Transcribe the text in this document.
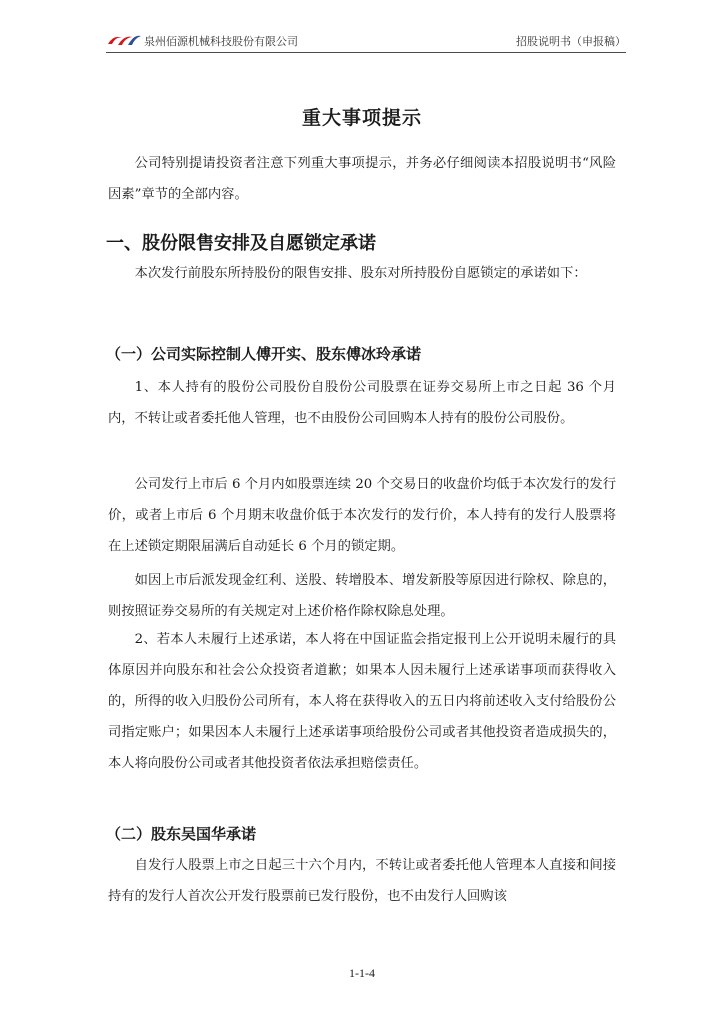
泉州佰源机械科技股份有限公司	招股说明书（申报稿）
重大事项提示

公司特别提请投资者注意下列重大事项提示，并务必仔细阅读本招股说明书“风险因素”章节的全部内容。

一、股份限售安排及自愿锁定承诺

本次发行前股东所持股份的限售安排、股东对所持股份自愿锁定的承诺如下：

（一）公司实际控制人傅开实、股东傅冰玲承诺

1、本人持有的股份公司股份自股份公司股票在证券交易所上市之日起 36 个月内，不转让或者委托他人管理，也不由股份公司回购本人持有的股份公司股份。

公司发行上市后 6 个月内如股票连续 20 个交易日的收盘价均低于本次发行的发行价，或者上市后 6 个月期末收盘价低于本次发行的发行价，本人持有的发行人股票将在上述锁定期限届满后自动延长 6 个月的锁定期。

如因上市后派发现金红利、送股、转增股本、增发新股等原因进行除权、除息的，则按照证券交易所的有关规定对上述价格作除权除息处理。

2、若本人未履行上述承诺，本人将在中国证监会指定报刊上公开说明未履行的具体原因并向股东和社会公众投资者道歉；如果本人因未履行上述承诺事项而获得收入的，所得的收入归股份公司所有，本人将在获得收入的五日内将前述收入支付给股份公司指定账户；如果因本人未履行上述承诺事项给股份公司或者其他投资者造成损失的，本人将向股份公司或者其他投资者依法承担赔偿责任。

（二）股东吴国华承诺

自发行人股票上市之日起三十六个月内，不转让或者委托他人管理本人直接和间接持有的发行人首次公开发行股票前已发行股份，也不由发行人回购该

1-1-4
